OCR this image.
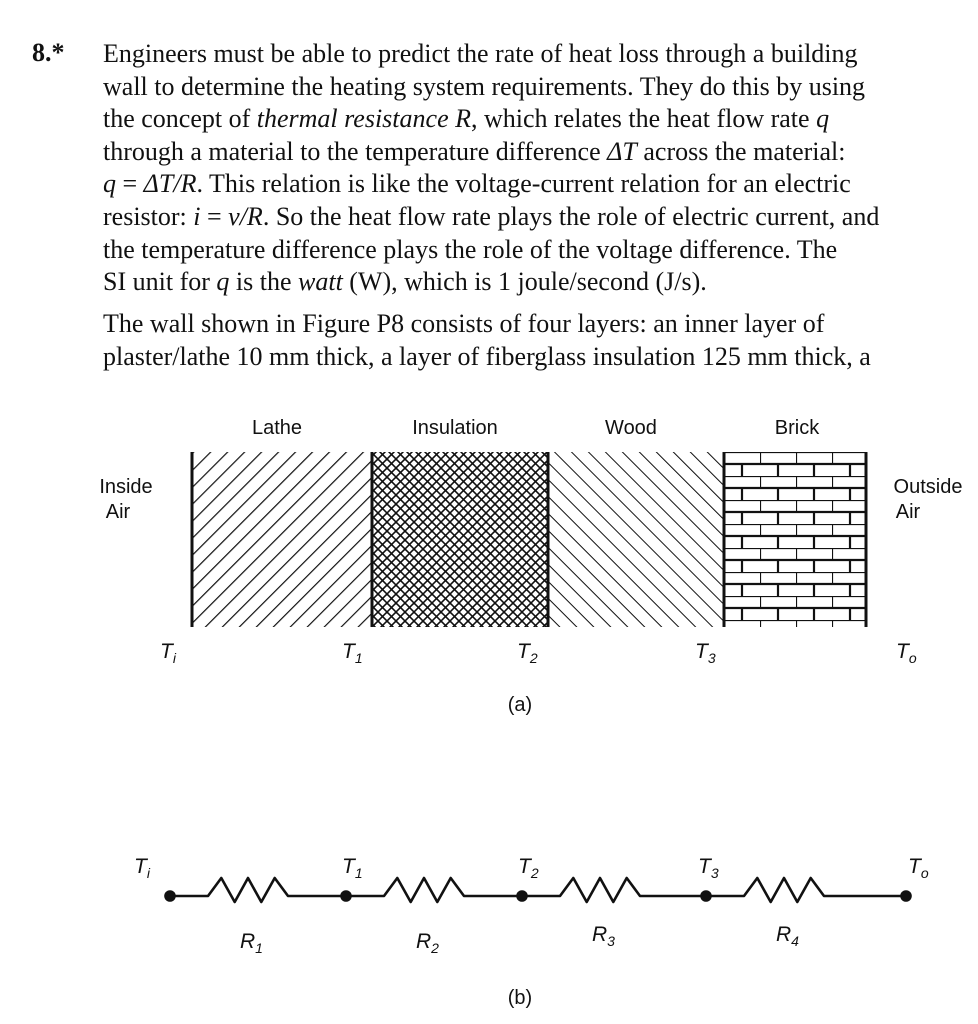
8.* Engineers must be able to predict the rate of heat loss through a building
wall to determine the heating system requirements. They do this by using
the concept of thermal resistance R, which relates the heat flow rate q
through a material to the temperature difference ΔT across the material:
q = ΔT/R. This relation is like the voltage-current relation for an electric
resistor: i = v/R. So the heat flow rate plays the role of electric current, and
the temperature difference plays the role of the voltage difference. The
SI unit for q is the watt (W), which is 1 joule/second (J/s).
The wall shown in Figure P8 consists of four layers: an inner layer of
plaster/lathe 10 mm thick, a layer of fiberglass insulation 125 mm thick, a
Lathe	Insulation	Wood	Brick
Inside
Air
Outside
Air
(a)
(b)
$T_i$	$T_1$	$T_2$	$T_3$	$T_o$
$R_1$	$R_2$
$R_3$	$R_4$
$T_i$	$T_1$	$T_2$	$T_3$	$T_o$
